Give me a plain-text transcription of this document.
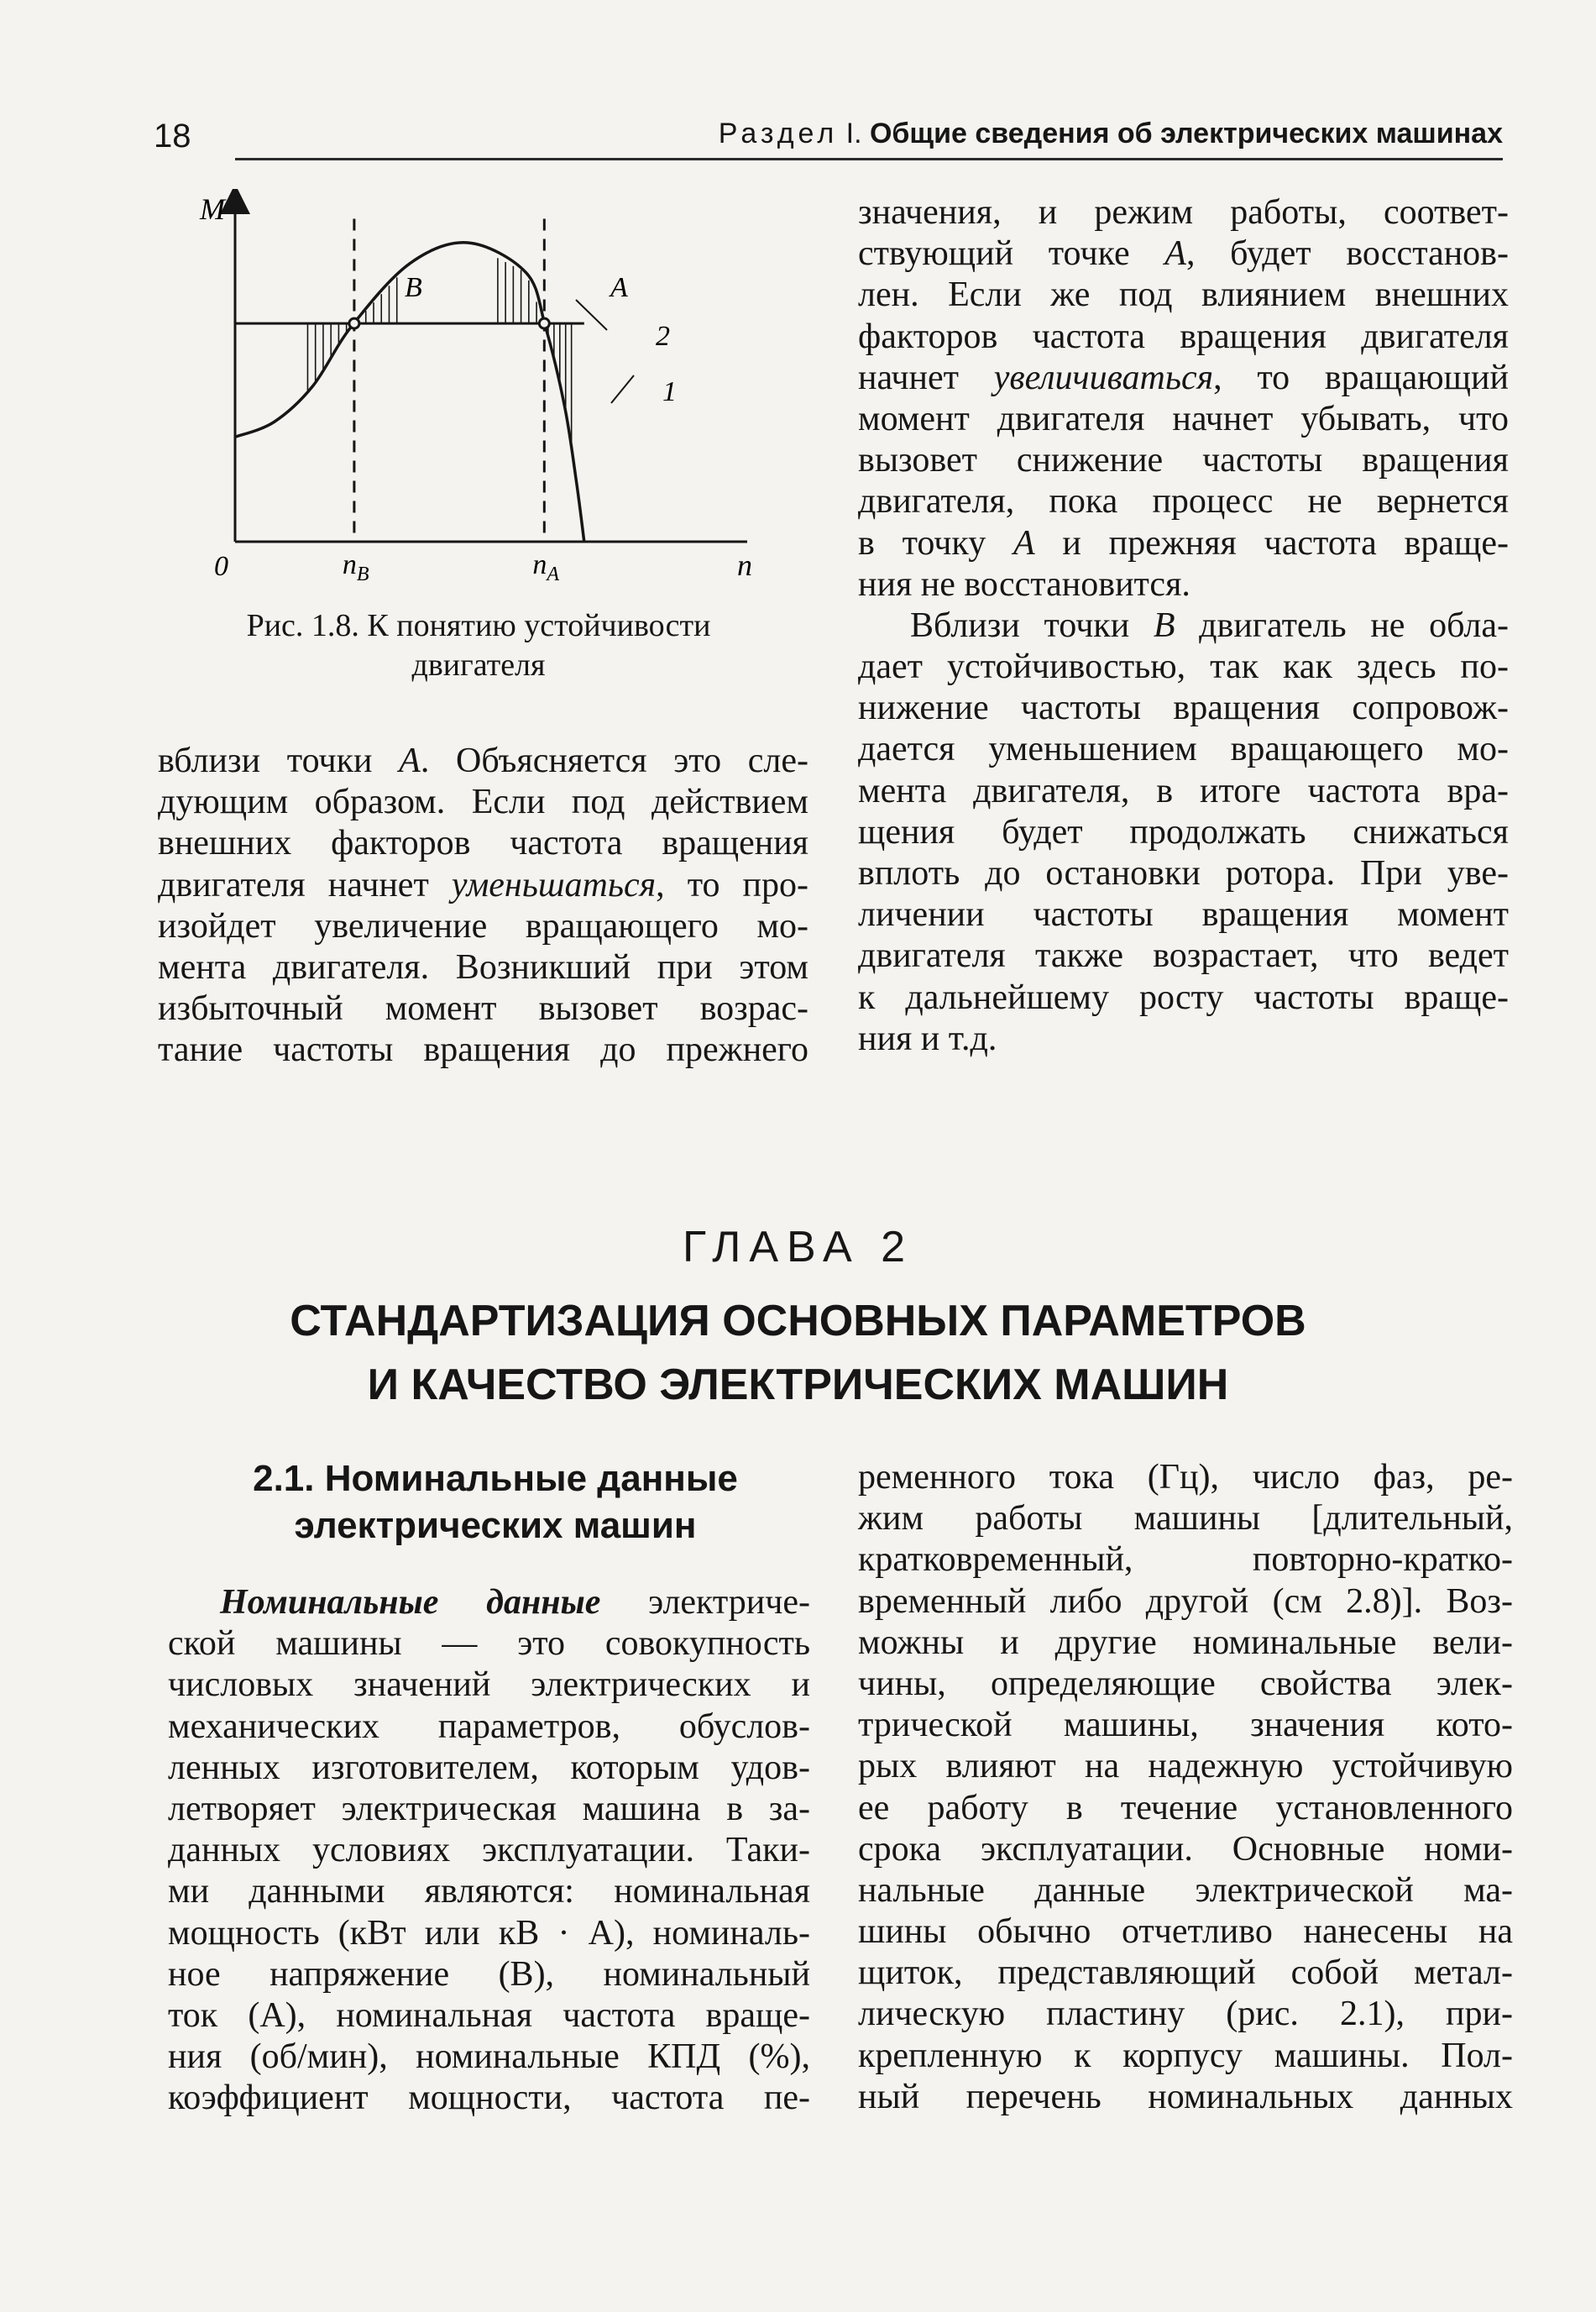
18	Раздел I. Общие сведения об электрических машинах
M
0	n
$n_B$	$n_A$
B	A
2
1
Рис. 1.8. К понятию устойчивости
двигателя
вблизи точки А. Объясняется это сле-
дующим образом. Если под действием
внешних факторов частота вращения
двигателя начнет уменьшаться, то про-
изойдет увеличение вращающего мо-
мента двигателя. Возникший при этом
избыточный момент вызовет возрас-
тание частоты вращения до прежнего
значения, и режим работы, соответ-
ствующий точке А, будет восстанов-
лен. Если же под влиянием внешних
факторов частота вращения двигателя
начнет увеличиваться, то вращающий
момент двигателя начнет убывать, что
вызовет снижение частоты вращения
двигателя, пока процесс не вернется
в точку А и прежняя частота враще-
ния не восстановится.
Вблизи точки В двигатель не обла-
дает устойчивостью, так как здесь по-
нижение частоты вращения сопровож-
дается уменьшением вращающего мо-
мента двигателя, в итоге частота вра-
щения будет продолжать снижаться
вплоть до остановки ротора. При уве-
личении частоты вращения момент
двигателя также возрастает, что ведет
к дальнейшему росту частоты враще-
ния и т.д.
ГЛАВА 2
СТАНДАРТИЗАЦИЯ ОСНОВНЫХ ПАРАМЕТРОВ
И КАЧЕСТВО ЭЛЕКТРИЧЕСКИХ МАШИН
2.1. Номинальные данные
электрических машин
Номинальные данные электриче-
ской машины — это совокупность
числовых значений электрических и
механических параметров, обуслов-
ленных изготовителем, которым удов-
летворяет электрическая машина в за-
данных условиях эксплуатации. Таки-
ми данными являются: номинальная
мощность (кВт или кВ · А), номиналь-
ное напряжение (В), номинальный
ток (А), номинальная частота враще-
ния (об/мин), номинальные КПД (%),
коэффициент мощности, частота пе-
ременного тока (Гц), число фаз, ре-
жим работы машины [длительный,
кратковременный, повторно-кратко-
временный либо другой (см 2.8)]. Воз-
можны и другие номинальные вели-
чины, определяющие свойства элек-
трической машины, значения кото-
рых влияют на надежную устойчивую
ее работу в течение установленного
срока эксплуатации. Основные номи-
нальные данные электрической ма-
шины обычно отчетливо нанесены на
щиток, представляющий собой метал-
лическую пластину (рис. 2.1), при-
крепленную к корпусу машины. Пол-
ный перечень номинальных данных
